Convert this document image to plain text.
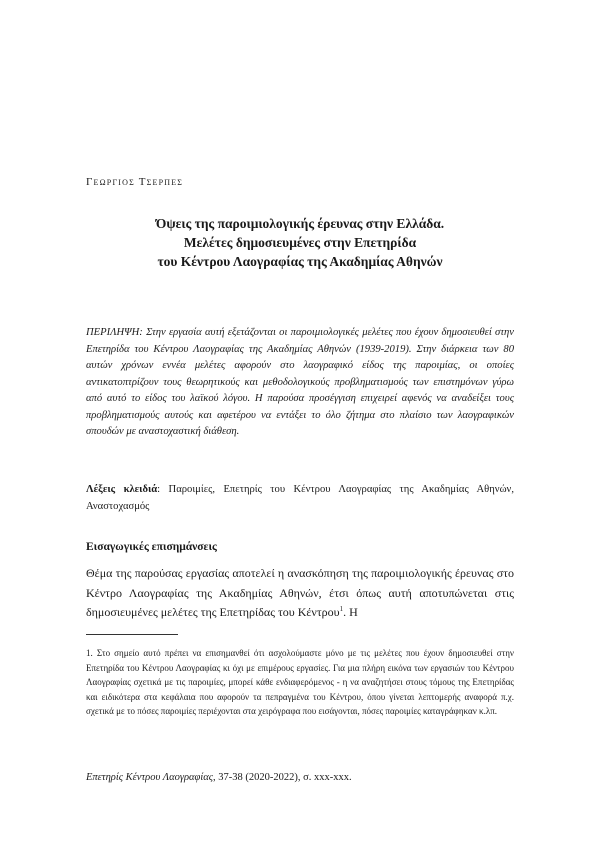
Γεωργιος Τσερπες
Όψεις της παροιμιολογικής έρευνας στην Ελλάδα.
Μελέτες δημοσιευμένες στην Επετηρίδα
του Κέντρου Λαογραφίας της Ακαδημίας Αθηνών
ΠΕΡΙΛΗΨΗ: Στην εργασία αυτή εξετάζονται οι παροιμιολογικές μελέτες που έχουν δημοσιευθεί στην Επετηρίδα του Κέντρου Λαογραφίας της Ακαδημίας Αθηνών (1939-2019). Στην διάρκεια των 80 αυτών χρόνων εννέα μελέτες αφορούν στο λαογραφικό είδος της παροιμίας, οι οποίες αντικατοπτρίζουν τους θεωρητικούς και μεθοδολογικούς προβληματισμούς των επιστημόνων γύρω από αυτό το είδος του λαϊκού λόγου. Η παρούσα προσέγγιση επιχειρεί αφενός να αναδείξει τους προβληματισμούς αυτούς και αφετέρου να εντάξει το όλο ζήτημα στο πλαίσιο των λαογραφικών σπουδών με αναστοχαστική διάθεση.
Λέξεις κλειδιά: Παροιμίες, Επετηρίς του Κέντρου Λαογραφίας της Ακαδημίας Αθηνών, Αναστοχασμός
Εισαγωγικές επισημάνσεις
Θέμα της παρούσας εργασίας αποτελεί η ανασκόπηση της παροιμιολογικής έρευνας στο Κέντρο Λαογραφίας της Ακαδημίας Αθηνών, έτσι όπως αυτή αποτυπώνεται στις δημοσιευμένες μελέτες της Επετηρίδας του Κέντρου$^1$. Η
1. Στο σημείο αυτό πρέπει να επισημανθεί ότι ασχολούμαστε μόνο με τις μελέτες που έχουν δημοσιευθεί στην Επετηρίδα του Κέντρου Λαογραφίας κι όχι με επιμέρους εργασίες. Για μια πλήρη εικόνα των εργασιών του Κέντρου Λαογραφίας σχετικά με τις παροιμίες, μπορεί κάθε ενδιαφερόμενος - η να αναζητήσει στους τόμους της Επετηρίδας και ειδικότερα στα κεφάλαια που αφορούν τα πεπραγμένα του Κέντρου, όπου γίνεται λεπτομερής αναφορά π.χ. σχετικά με το πόσες παροιμίες περιέχονται στα χειρόγραφα που εισάγονται, πόσες παροιμίες καταγράφηκαν κ.λπ.
Επετηρίς Κέντρου Λαογραφίας, 37-38 (2020-2022), σ. xxx-xxx.
